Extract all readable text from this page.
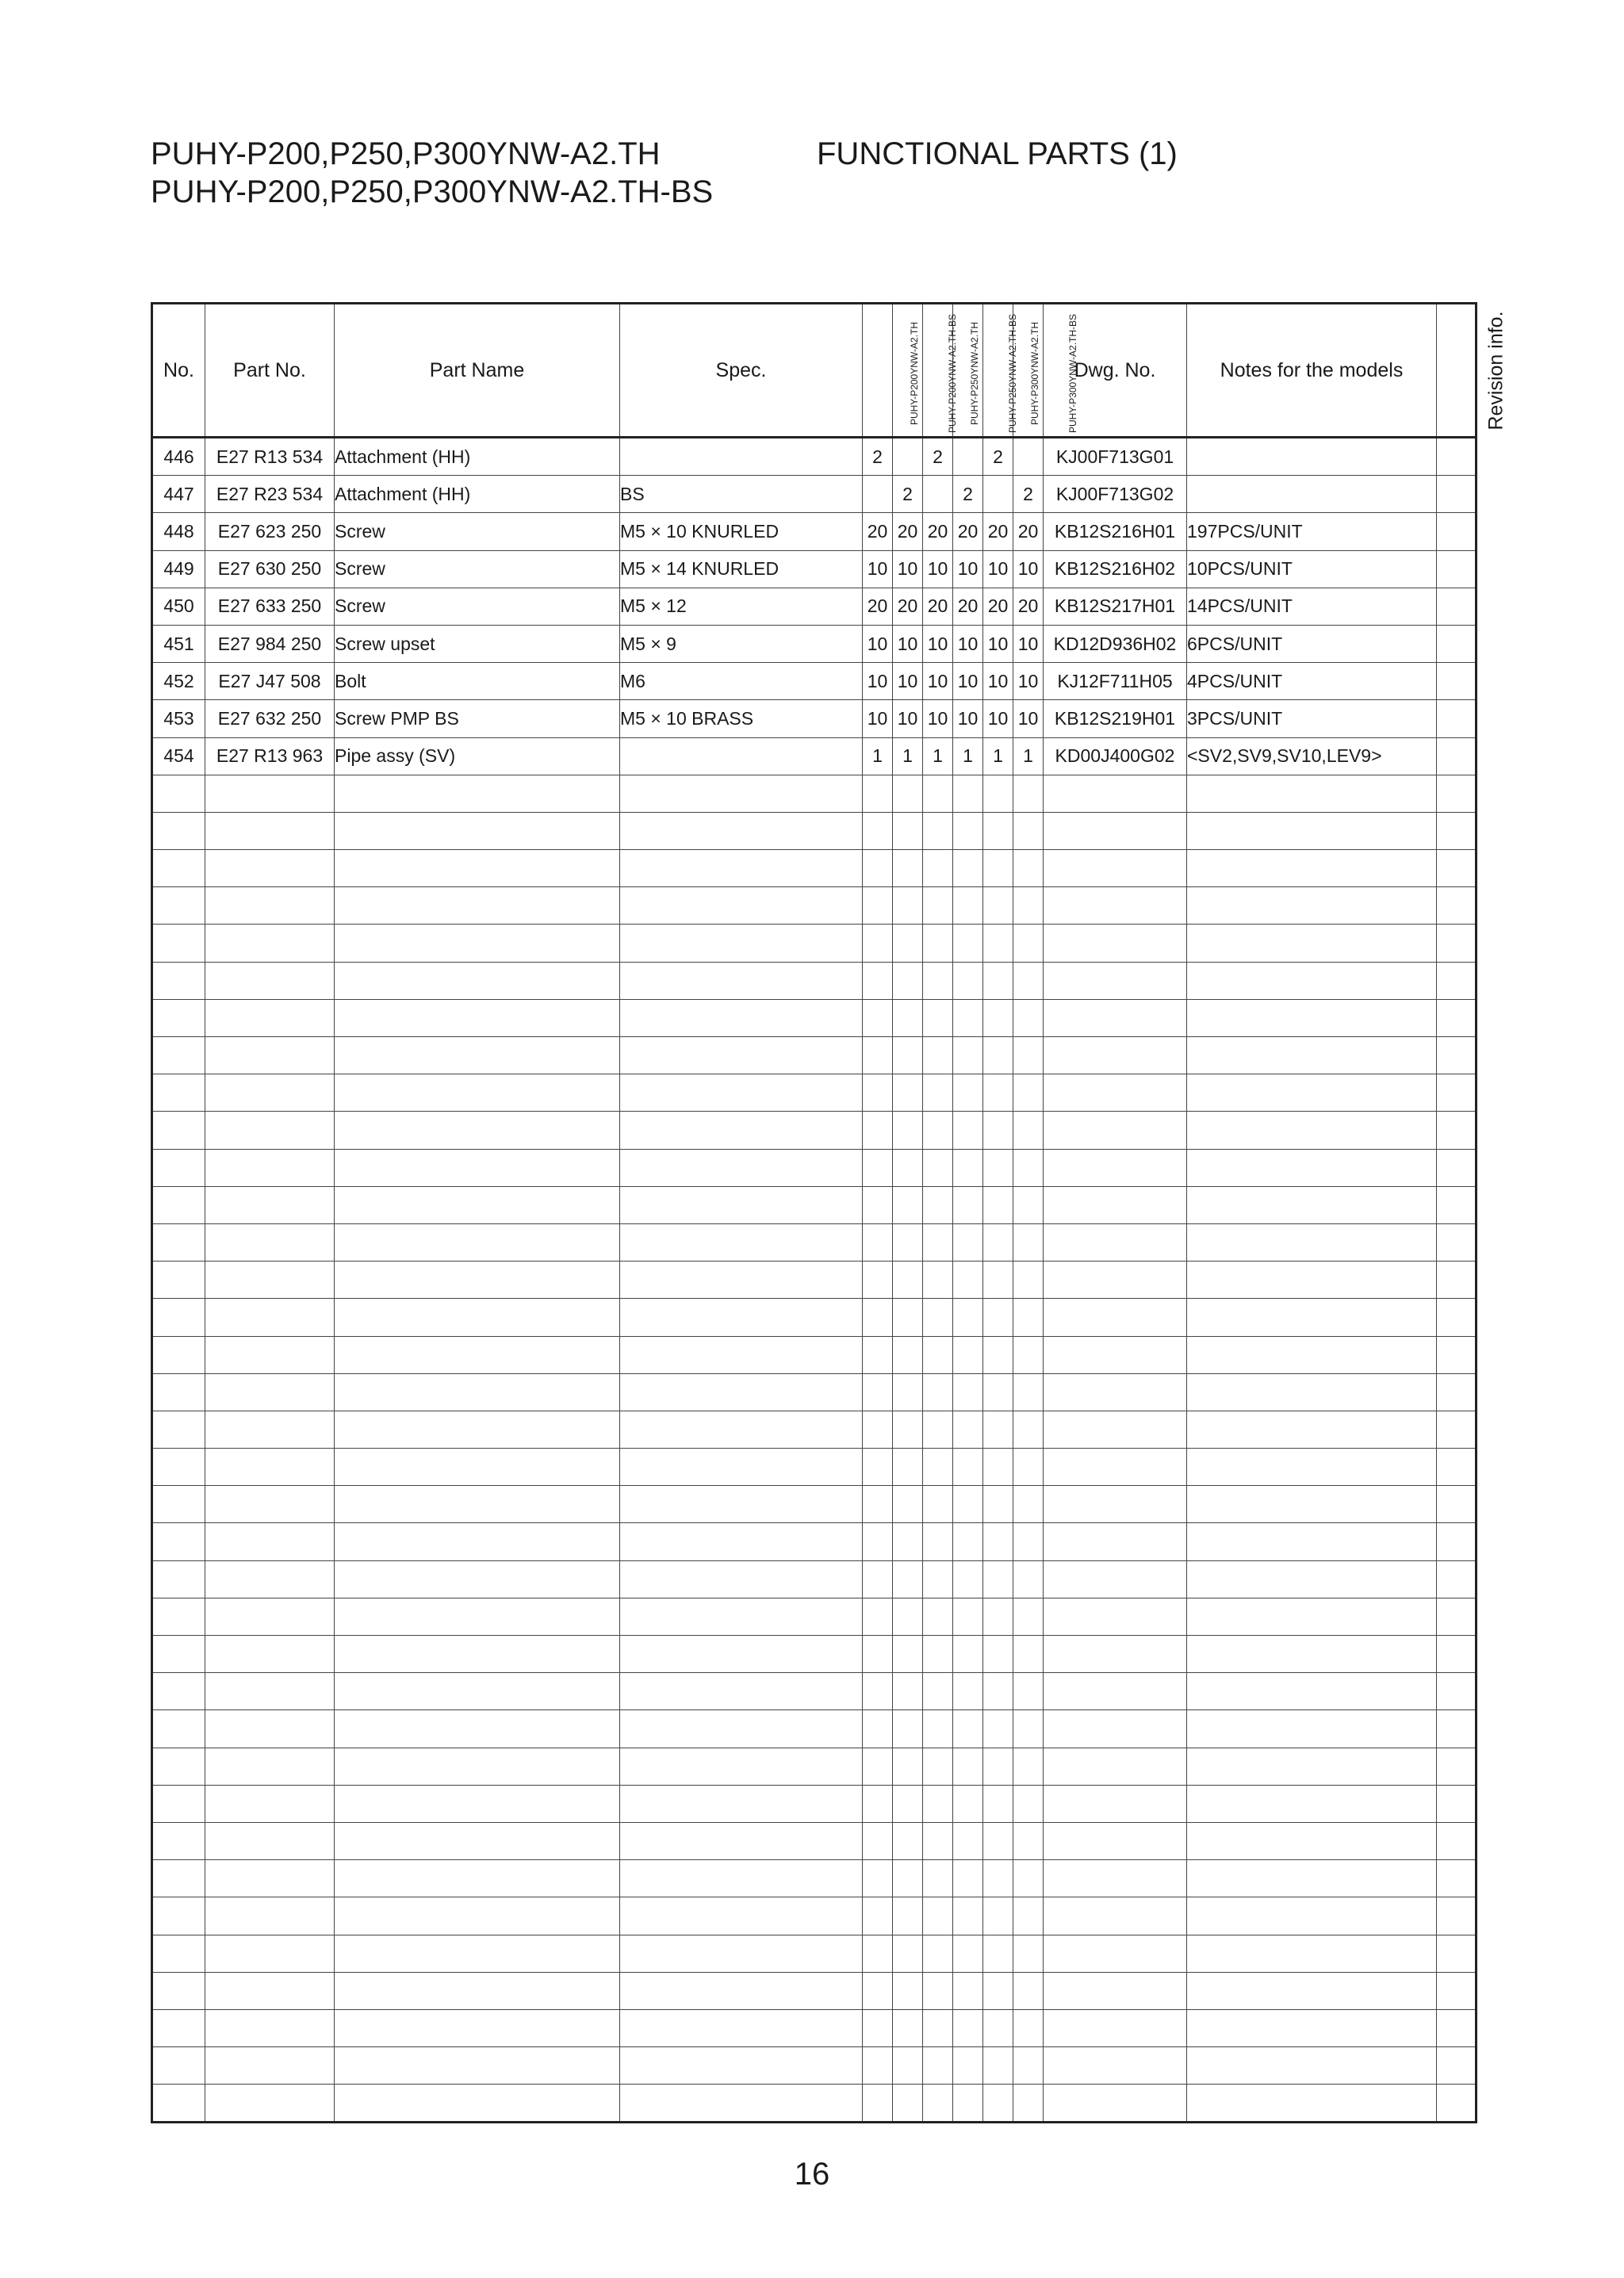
PUHY-P200,P250,P300YNW-A2.TH
PUHY-P200,P250,P300YNW-A2.TH-BS
FUNCTIONAL PARTS (1)
No.	Part No.	Part Name	Spec.	PUHY-P200YNW-A2.TH	PUHY-P200YNW-A2.TH-BS	PUHY-P250YNW-A2.TH	PUHY-P250YNW-A2.TH-BS	PUHY-P300YNW-A2.TH	PUHY-P300YNW-A2.TH-BS	Dwg. No.	Notes for the models	Revision info.
446	E27 R13 534	Attachment (HH)		2		2		2		KJ00F713G01		
447	E27 R23 534	Attachment (HH)	BS		2		2		2	KJ00F713G02		
448	E27 623 250	Screw	M5 × 10 KNURLED	20	20	20	20	20	20	KB12S216H01	197PCS/UNIT	
449	E27 630 250	Screw	M5 × 14 KNURLED	10	10	10	10	10	10	KB12S216H02	10PCS/UNIT	
450	E27 633 250	Screw	M5 × 12	20	20	20	20	20	20	KB12S217H01	14PCS/UNIT	
451	E27 984 250	Screw upset	M5 × 9	10	10	10	10	10	10	KD12D936H02	6PCS/UNIT	
452	E27 J47 508	Bolt	M6	10	10	10	10	10	10	KJ12F711H05	4PCS/UNIT	
453	E27 632 250	Screw PMP BS	M5 × 10 BRASS	10	10	10	10	10	10	KB12S219H01	3PCS/UNIT	
454	E27 R13 963	Pipe assy (SV)		1	1	1	1	1	1	KD00J400G02	<SV2,SV9,SV10,LEV9>	

16
